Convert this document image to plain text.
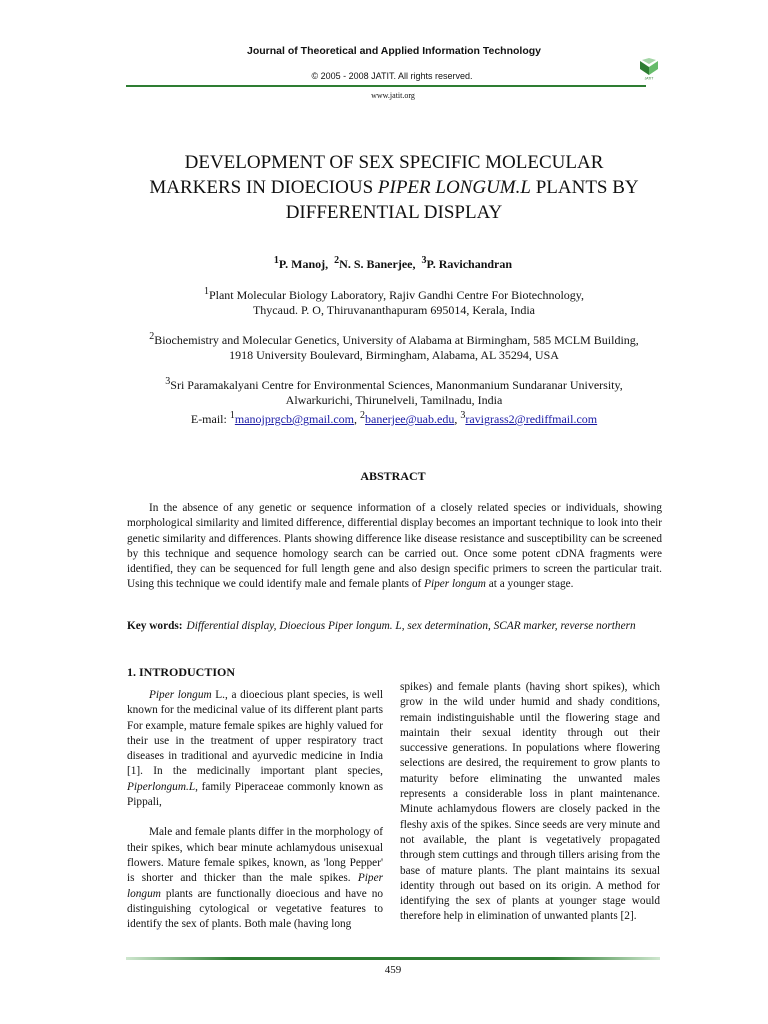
Journal of Theoretical and Applied Information Technology
© 2005 - 2008 JATIT. All rights reserved.	JATIT
www.jatit.org
DEVELOPMENT OF SEX SPECIFIC MOLECULAR
MARKERS IN DIOECIOUS PIPER LONGUM.L PLANTS BY
DIFFERENTIAL DISPLAY
$^1$P. Manoj, $^2$N. S. Banerjee, $^3$P. Ravichandran
$^1$Plant Molecular Biology Laboratory, Rajiv Gandhi Centre For Biotechnology,
Thycaud. P. O, Thiruvananthapuram 695014, Kerala, India
$^2$Biochemistry and Molecular Genetics, University of Alabama at Birmingham, 585 MCLM Building,
1918 University Boulevard, Birmingham, Alabama, AL 35294, USA
$^3$Sri Paramakalyani Centre for Environmental Sciences, Manonmanium Sundaranar University,
Alwarkurichi, Thirunelveli, Tamilnadu, India
E-mail: $^1$manojprgcb@gmail.com, $^2$banerjee@uab.edu, $^3$ravigrass2@rediffmail.com
ABSTRACT
In the absence of any genetic or sequence information of a closely related species or individuals, showing morphological similarity and limited difference, differential display becomes an important technique to look into their genetic similarity and differences. Plants showing difference like disease resistance and susceptibility can be screened by this technique and sequence homology search can be carried out. Once some potent cDNA fragments were identified, they can be sequenced for full length gene and also design specific primers to screen the particular trait. Using this technique we could identify male and female plants of Piper longum at a younger stage.
Key words: Differential display, Dioecious Piper longum. L, sex determination, SCAR marker, reverse northern
1. INTRODUCTION

Piper longum L., a dioecious plant species, is well known for the medicinal value of its different plant parts For example, mature female spikes are highly valued for their use in the treatment of upper respiratory tract diseases in traditional and ayurvedic medicine in India [1]. In the medicinally important plant species, Piperlongum.L, family Piperaceae commonly known as Pippali,

Male and female plants differ in the morphology of their spikes, which bear minute achlamydous unisexual flowers. Mature female spikes, known, as 'long Pepper' is shorter and thicker than the male spikes. Piper longum plants are functionally dioecious and have no distinguishing cytological or vegetative features to identify the sex of plants. Both male (having long

spikes) and female plants (having short spikes), which grow in the wild under humid and shady conditions, remain indistinguishable until the flowering stage and maintain their sexual identity through out their successive generations. In populations where flowering selections are desired, the requirement to grow plants to maturity before eliminating the unwanted males represents a considerable loss in plant maintenance. Minute achlamydous flowers are closely packed in the fleshy axis of the spikes. Since seeds are very minute and not available, the plant is vegetatively propagated through stem cuttings and through tillers arising from the base of mature plants. The plant maintains its sexual identity through out based on its origin. A method for identifying the sex of plants at younger stage would therefore help in elimination of unwanted plants [2].

459
